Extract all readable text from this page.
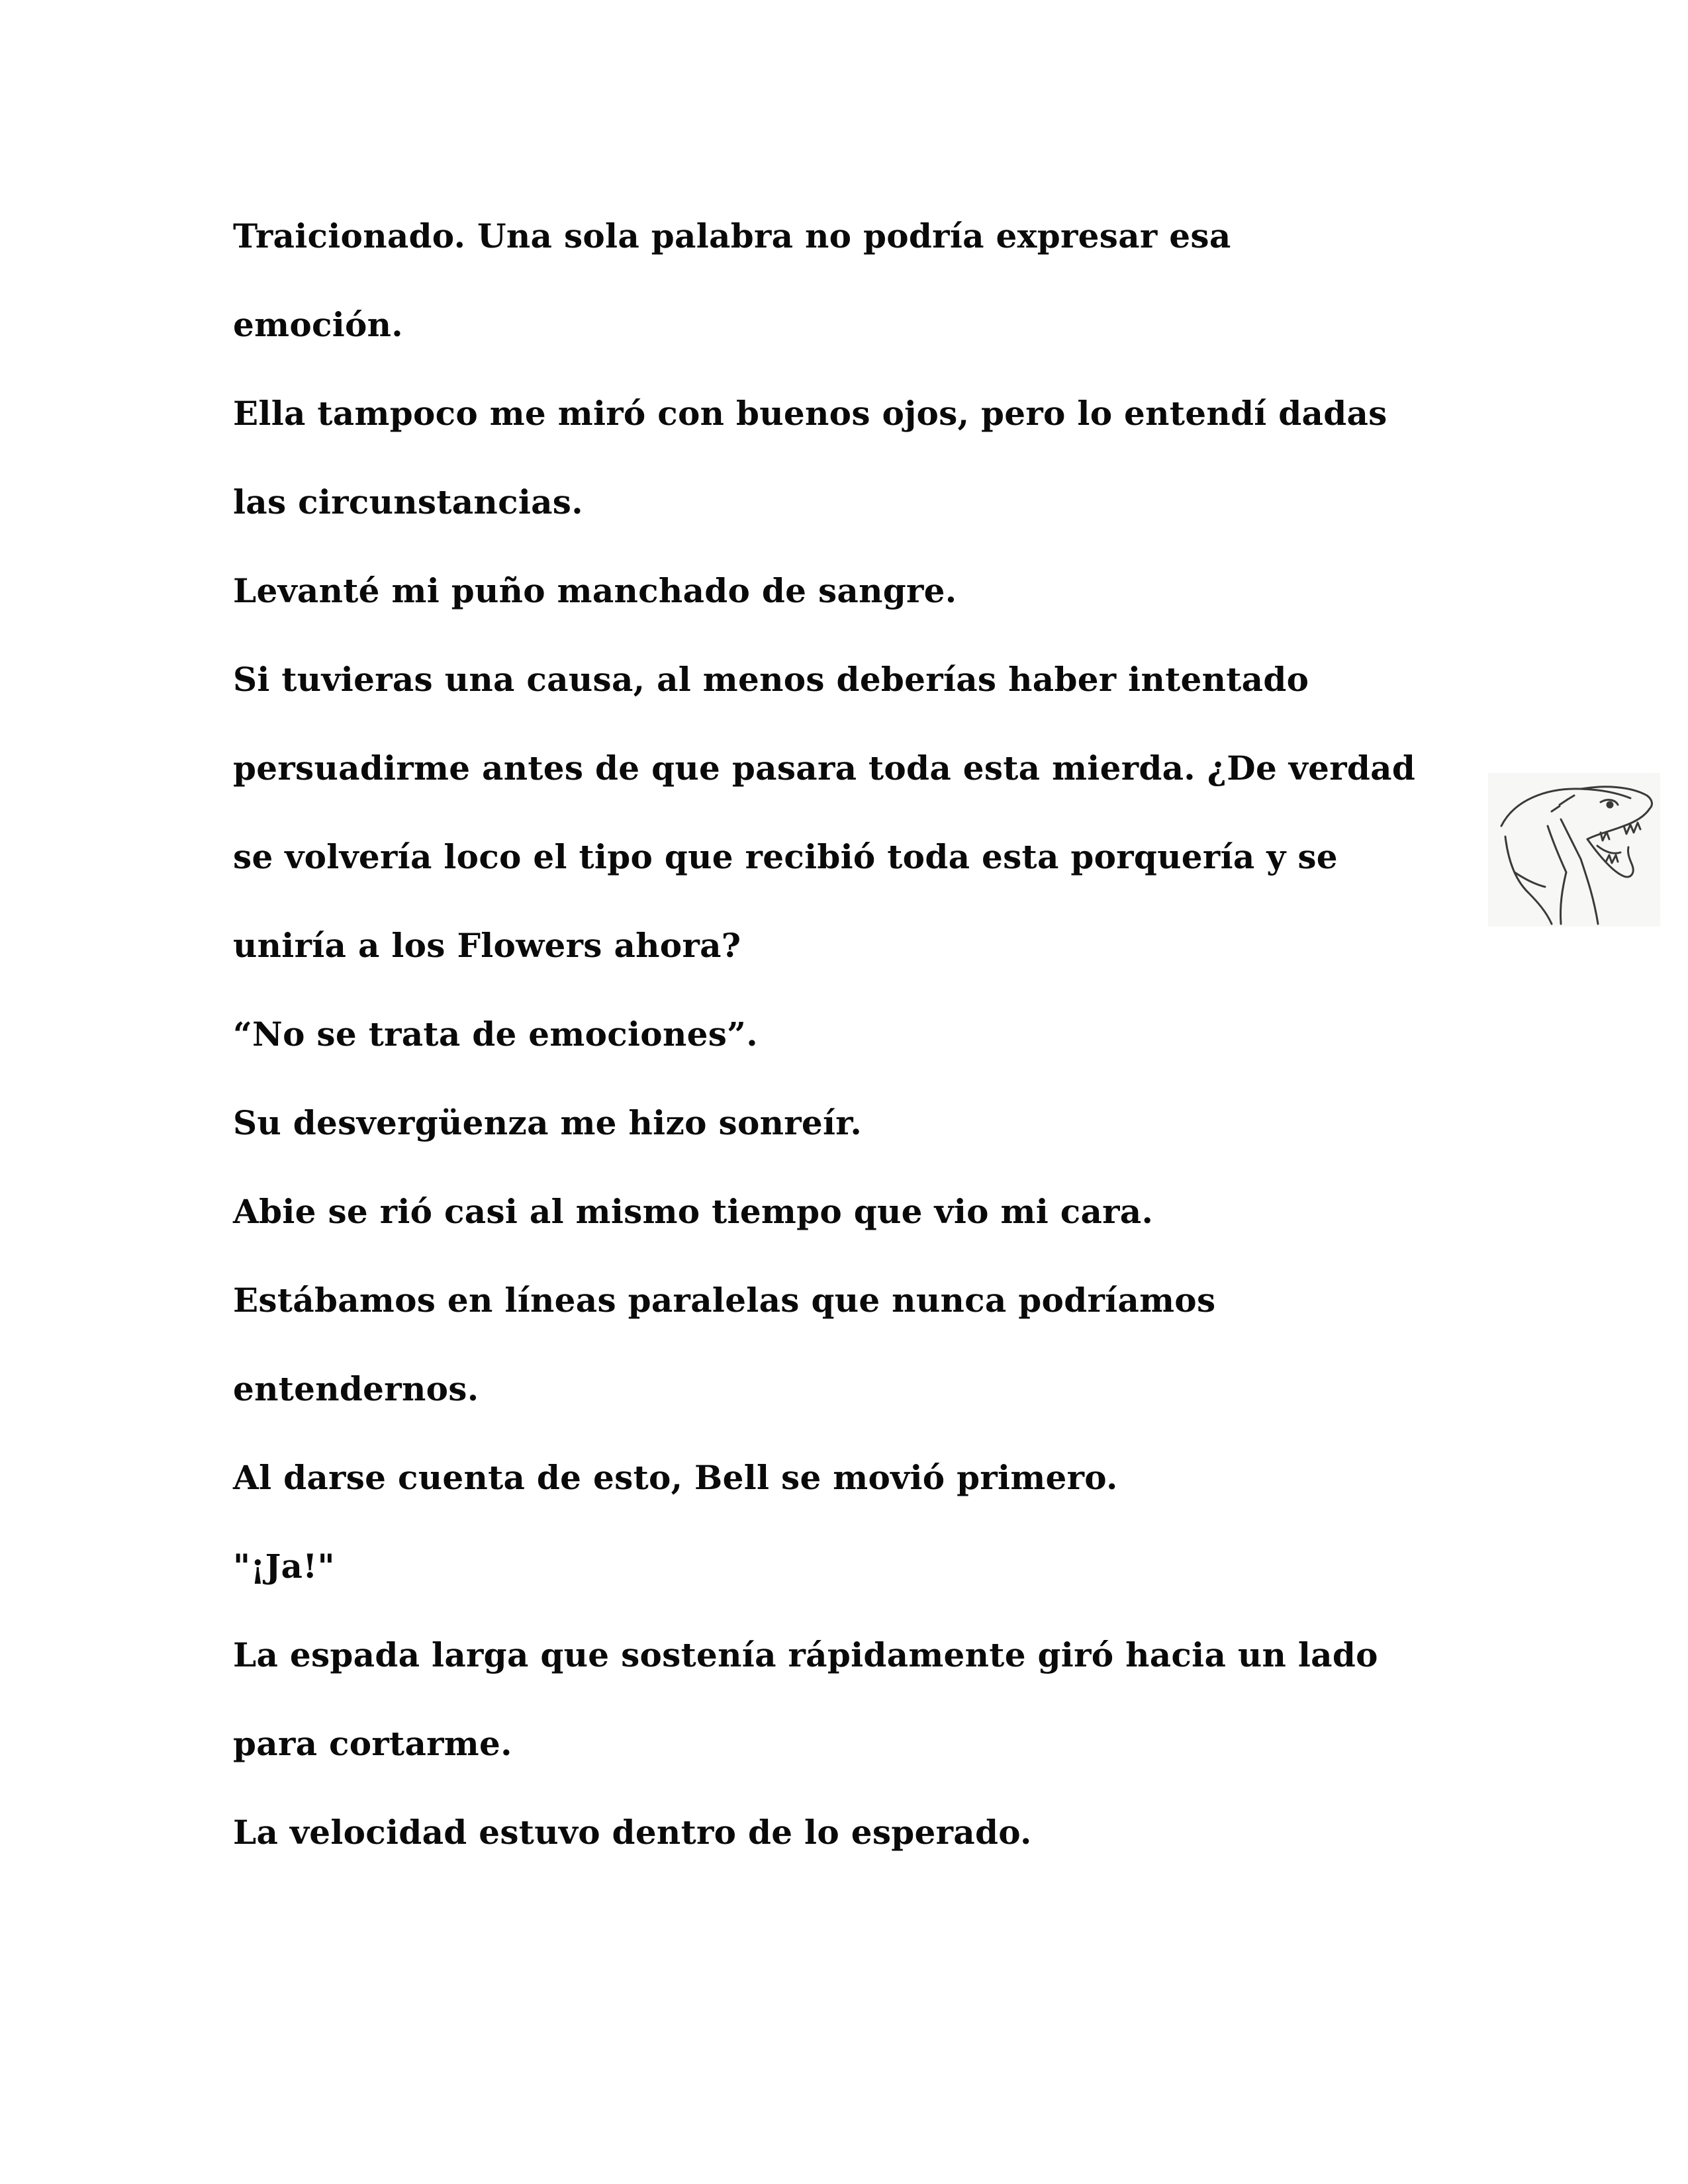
Traicionado. Una sola palabra no podría expresar esa
emoción.
Ella tampoco me miró con buenos ojos, pero lo entendí dadas
las circunstancias.
Levanté mi puño manchado de sangre.
Si tuvieras una causa, al menos deberías haber intentado
persuadirme antes de que pasara toda esta mierda. ¿De verdad
se volvería loco el tipo que recibió toda esta porquería y se
uniría a los Flowers ahora?
“No se trata de emociones”.
Su desvergüenza me hizo sonreír.
Abie se rió casi al mismo tiempo que vio mi cara.
Estábamos en líneas paralelas que nunca podríamos
entendernos.
Al darse cuenta de esto, Bell se movió primero.
"¡Ja!"
La espada larga que sostenía rápidamente giró hacia un lado
para cortarme.
La velocidad estuvo dentro de lo esperado.
